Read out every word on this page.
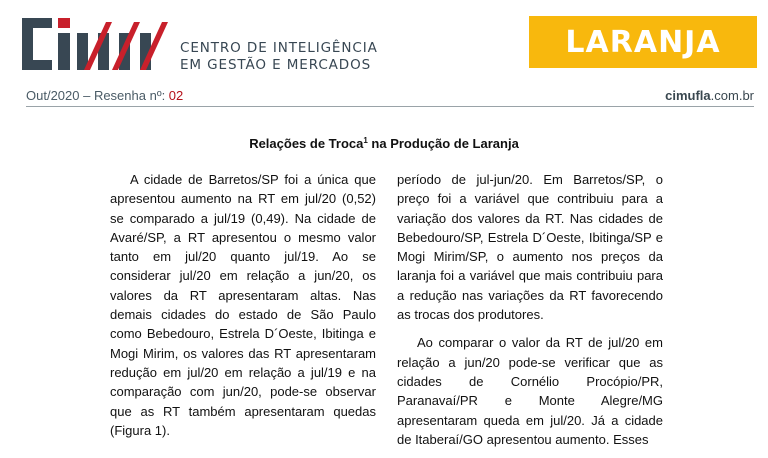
CENTRO DE INTELIGÊNCIA
EM GESTÃO E MERCADOS
LARANJA
Out/2020 – Resenha nº: 02	cimufla.com.br
Relações de Troca$^1$ na Produção de Laranja

A cidade de Barretos/SP foi a única que apresentou aumento na RT em jul/20 (0,52) se comparado a jul/19 (0,49). Na cidade de Avaré/SP, a RT apresentou o mesmo valor tanto em jul/20 quanto jul/19. Ao se considerar jul/20 em relação a jun/20, os valores da RT apresentaram altas. Nas demais cidades do estado de São Paulo como Bebedouro, Estrela D´Oeste, Ibitinga e Mogi Mirim, os valores das RT apresentaram redução em jul/20 em relação a jul/19 e na comparação com jun/20, pode-se observar que as RT também apresentaram quedas (Figura 1).

período de jul-jun/20. Em Barretos/SP, o preço foi a variável que contribuiu para a variação dos valores da RT. Nas cidades de Bebedouro/SP, Estrela D´Oeste, Ibitinga/SP e Mogi Mirim/SP, o aumento nos preços da laranja foi a variável que mais contribuiu para a redução nas variações da RT favorecendo as trocas dos produtores.

Ao comparar o valor da RT de jul/20 em relação a jun/20 pode-se verificar que as cidades de Cornélio Procópio/PR, Paranavaí/PR e Monte Alegre/MG apresentaram queda em jul/20. Já a cidade de Itaberaí/GO apresentou aumento. Esses
